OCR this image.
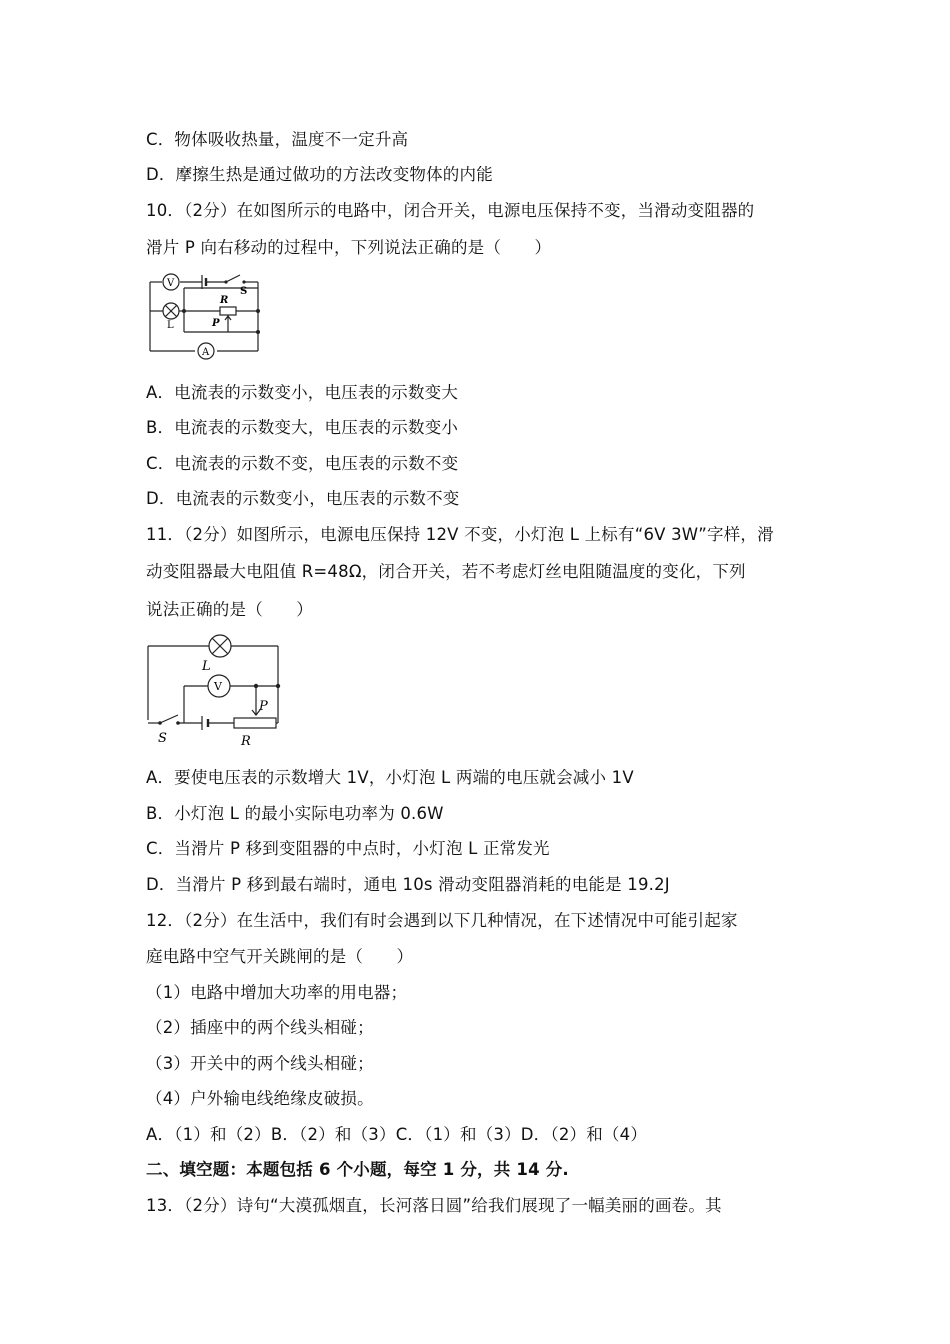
C．物体吸收热量，温度不一定升高
D．摩擦生热是通过做功的方法改变物体的内能
10．（2分）在如图所示的电路中，闭合开关，电源电压保持不变，当滑动变阻器的
滑片 P 向右移动的过程中，下列说法正确的是（　　）
V
S
R
L	P
A
A．电流表的示数变小，电压表的示数变大
B．电流表的示数变大，电压表的示数变小
C．电流表的示数不变，电压表的示数不变
D．电流表的示数变小，电压表的示数不变
11．（2分）如图所示，电源电压保持 12V 不变，小灯泡 L 上标有“6V 3W”字样，滑
动变阻器最大电阻值 R=48Ω，闭合开关，若不考虑灯丝电阻随温度的变化，下列
说法正确的是（　　）
L
V
P
S	R
A．要使电压表的示数增大 1V，小灯泡 L 两端的电压就会减小 1V
B．小灯泡 L 的最小实际电功率为 0.6W
C．当滑片 P 移到变阻器的中点时，小灯泡 L 正常发光
D．当滑片 P 移到最右端时，通电 10s 滑动变阻器消耗的电能是 19.2J
12．（2分）在生活中，我们有时会遇到以下几种情况，在下述情况中可能引起家
庭电路中空气开关跳闸的是（　　）
（1）电路中增加大功率的用电器；
（2）插座中的两个线头相碰；
（3）开关中的两个线头相碰；
（4）户外输电线绝缘皮破损。
A．（1）和（2）B．（2）和（3）C．（1）和（3）D．（2）和（4）
二、填空题：本题包括 6 个小题，每空 1 分，共 14 分.
13．（2分）诗句“大漠孤烟直，长河落日圆”给我们展现了一幅美丽的画卷。其
